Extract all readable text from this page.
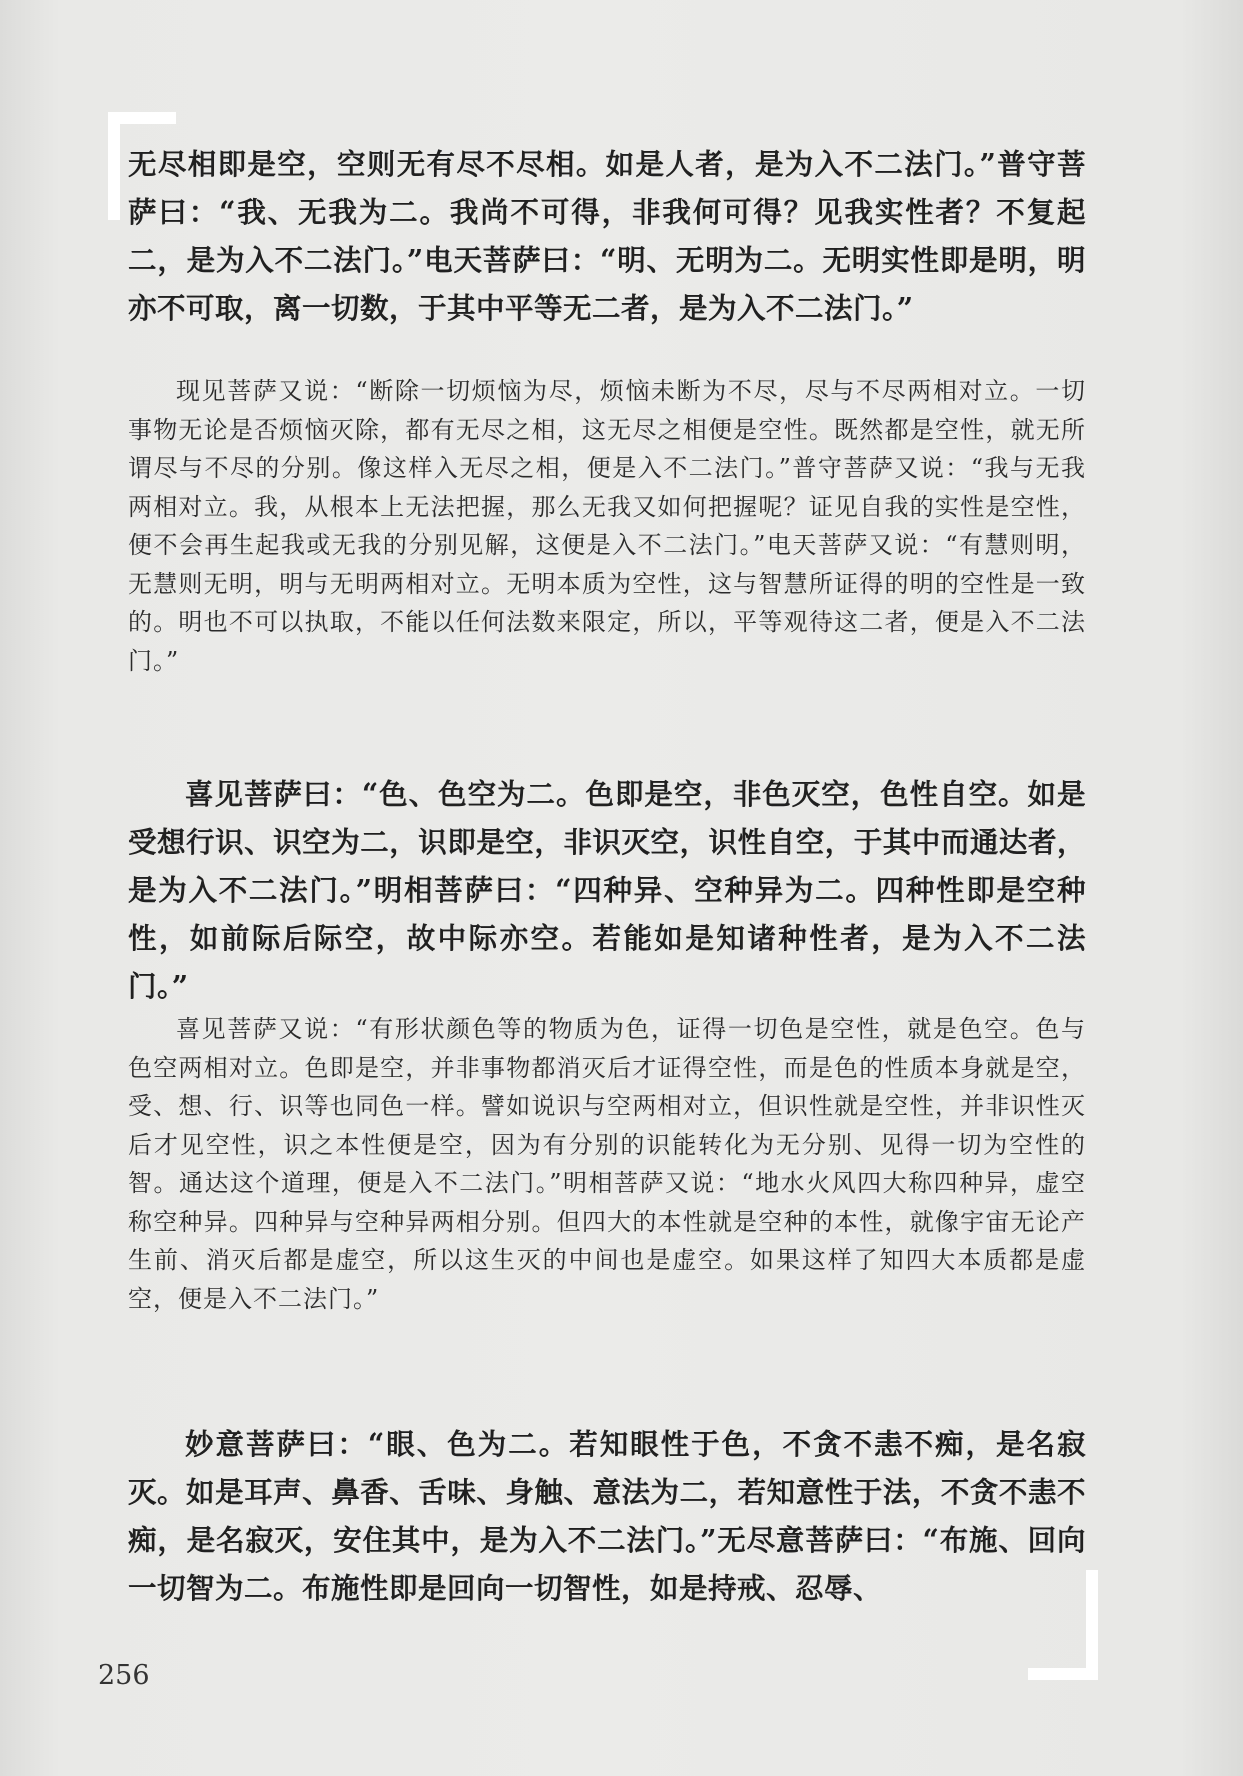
无尽相即是空，空则无有尽不尽相。如是人者，是为入不二法门。”普守菩萨曰：“我、无我为二。我尚不可得，非我何可得？见我实性者？不复起二，是为入不二法门。”电天菩萨曰：“明、无明为二。无明实性即是明，明亦不可取，离一切数，于其中平等无二者，是为入不二法门。”

现见菩萨又说：“断除一切烦恼为尽，烦恼未断为不尽，尽与不尽两相对立。一切事物无论是否烦恼灭除，都有无尽之相，这无尽之相便是空性。既然都是空性，就无所谓尽与不尽的分别。像这样入无尽之相，便是入不二法门。”普守菩萨又说：“我与无我两相对立。我，从根本上无法把握，那么无我又如何把握呢？证见自我的实性是空性，便不会再生起我或无我的分别见解，这便是入不二法门。”电天菩萨又说：“有慧则明，无慧则无明，明与无明两相对立。无明本质为空性，这与智慧所证得的明的空性是一致的。明也不可以执取，不能以任何法数来限定，所以，平等观待这二者，便是入不二法门。”

喜见菩萨曰：“色、色空为二。色即是空，非色灭空，色性自空。如是受想行识、识空为二，识即是空，非识灭空，识性自空，于其中而通达者，是为入不二法门。”明相菩萨曰：“四种异、空种异为二。四种性即是空种性，如前际后际空，故中际亦空。若能如是知诸种性者，是为入不二法门。”

喜见菩萨又说：“有形状颜色等的物质为色，证得一切色是空性，就是色空。色与色空两相对立。色即是空，并非事物都消灭后才证得空性，而是色的性质本身就是空，受、想、行、识等也同色一样。譬如说识与空两相对立，但识性就是空性，并非识性灭后才见空性，识之本性便是空，因为有分别的识能转化为无分别、见得一切为空性的智。通达这个道理，便是入不二法门。”明相菩萨又说：“地水火风四大称四种异，虚空称空种异。四种异与空种异两相分别。但四大的本性就是空种的本性，就像宇宙无论产生前、消灭后都是虚空，所以这生灭的中间也是虚空。如果这样了知四大本质都是虚空，便是入不二法门。”

妙意菩萨曰：“眼、色为二。若知眼性于色，不贪不恚不痴，是名寂灭。如是耳声、鼻香、舌味、身触、意法为二，若知意性于法，不贪不恚不痴，是名寂灭，安住其中，是为入不二法门。”无尽意菩萨曰：“布施、回向一切智为二。布施性即是回向一切智性，如是持戒、忍辱、

256
